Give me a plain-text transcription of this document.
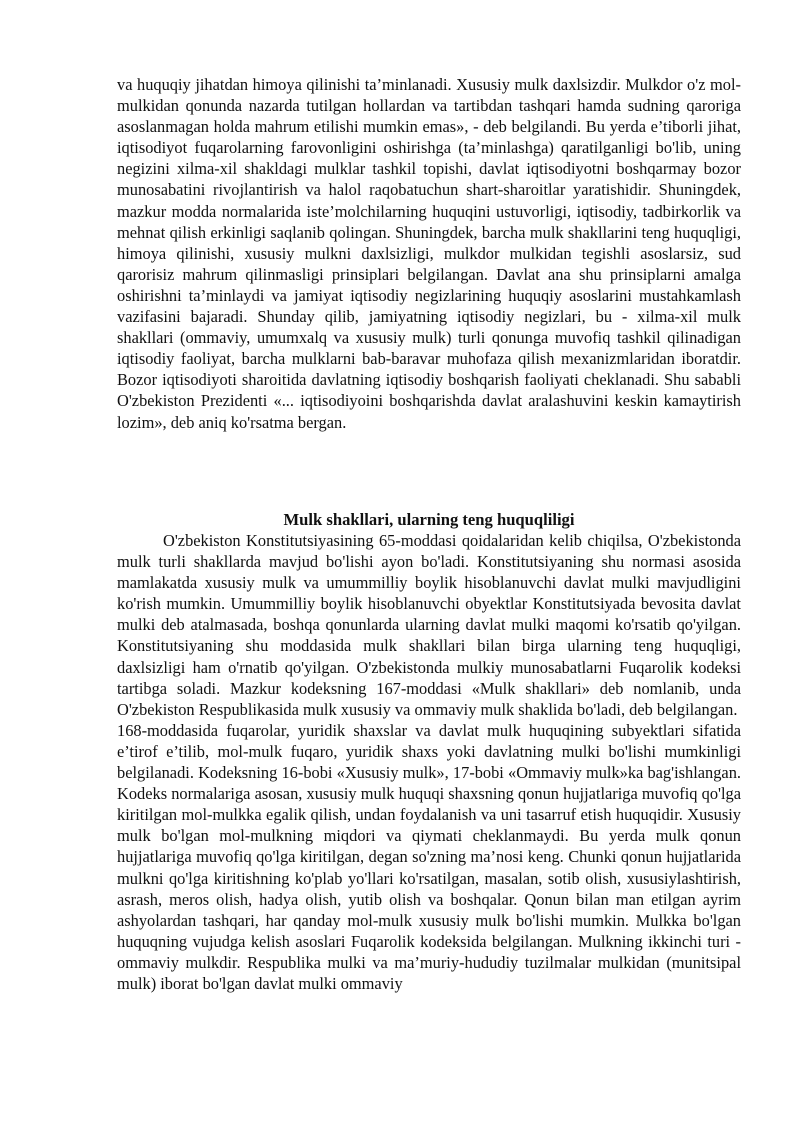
va huquqiy jihatdan himoya qilinishi ta’minlanadi. Xususiy mulk daxlsizdir. Mulkdor o'z mol-mulkidan qonunda nazarda tutilgan hollardan va tartibdan tashqari hamda sudning qaroriga asoslanmagan holda mahrum etilishi mumkin emas», - deb belgilandi. Bu yerda e’tiborli jihat, iqtisodiyot fuqarolarning farovonligini oshirishga (ta’minlashga) qaratilganligi bo'lib, uning negizini xilma-xil shakldagi mulklar tashkil topishi, davlat iqtisodiyotni boshqarmay bozor munosabatini rivojlantirish va halol raqobatuchun shart-sharoitlar yaratishidir. Shuningdek, mazkur modda normalarida iste’molchilarning huquqini ustuvorligi, iqtisodiy, tadbirkorlik va mehnat qilish erkinligi saqlanib qolingan. Shuningdek, barcha mulk shakllarini teng huquqligi, himoya qilinishi, xususiy mulkni daxlsizligi, mulkdor mulkidan tegishli asoslarsiz, sud qarorisiz mahrum qilinmasligi prinsiplari belgilangan. Davlat ana shu prinsiplarni amalga oshirishni ta’minlaydi va jamiyat iqtisodiy negizlarining huquqiy asoslarini mustahkamlash vazifasini bajaradi. Shunday qilib, jamiyatning iqtisodiy negizlari, bu - xilma-xil mulk shakllari (ommaviy, umumxalq va xususiy mulk) turli qonunga muvofiq tashkil qilinadigan iqtisodiy faoliyat, barcha mulklarni bab-baravar muhofaza qilish mexanizmlaridan iboratdir. Bozor iqtisodiyoti sharoitida davlatning iqtisodiy boshqarish faoliyati cheklanadi. Shu sababli O'zbekiston Prezidenti «... iqtisodiyoini boshqarishda davlat aralashuvini keskin kamaytirish lozim», deb aniq ko'rsatma bergan.

Mulk shakllari, ularning teng huquqliligi

O'zbekiston Konstitutsiyasining 65-moddasi qoidalaridan kelib chiqilsa, O'zbekistonda mulk turli shakllarda mavjud bo'lishi ayon bo'ladi. Konstitutsiyaning shu normasi asosida mamlakatda xususiy mulk va umummilliy boylik hisoblanuvchi davlat mulki mavjudligini ko'rish mumkin. Umummilliy boylik hisoblanuvchi obyektlar Konstitutsiyada bevosita davlat mulki deb atalmasada, boshqa qonunlarda ularning davlat mulki maqomi ko'rsatib qo'yilgan. Konstitutsiyaning shu moddasida mulk shakllari bilan birga ularning teng huquqligi, daxlsizligi ham o'rnatib qo'yilgan. O'zbekistonda mulkiy munosabatlarni Fuqarolik kodeksi tartibga soladi. Mazkur kodeksning 167-moddasi «Mulk shakllari» deb nomlanib, unda O'zbekiston Respublikasida mulk xususiy va ommaviy mulk shaklida bo'ladi, deb belgilangan.

168-moddasida fuqarolar, yuridik shaxslar va davlat mulk huquqining subyektlari sifatida e’tirof e’tilib, mol-mulk fuqaro, yuridik shaxs yoki davlatning mulki bo'lishi mumkinligi belgilanadi. Kodeksning 16-bobi «Xususiy mulk», 17-bobi «Ommaviy mulk»ka bag'ishlangan. Kodeks normalariga asosan, xususiy mulk huquqi shaxsning qonun hujjatlariga muvofiq qo'lga kiritilgan mol-mulkka egalik qilish, undan foydalanish va uni tasarruf etish huquqidir. Xususiy mulk bo'lgan mol-mulkning miqdori va qiymati cheklanmaydi. Bu yerda mulk qonun hujjatlariga muvofiq qo'lga kiritilgan, degan so'zning ma’nosi keng. Chunki qonun hujjatlarida mulkni qo'lga kiritishning ko'plab yo'llari ko'rsatilgan, masalan, sotib olish, xususiylashtirish, asrash, meros olish, hadya olish, yutib olish va boshqalar. Qonun bilan man etilgan ayrim ashyolardan tashqari, har qanday mol-mulk xususiy mulk bo'lishi mumkin. Mulkka bo'lgan huquqning vujudga kelish asoslari Fuqarolik kodeksida belgilangan. Mulkning ikkinchi turi - ommaviy mulkdir. Respublika mulki va ma’muriy-hududiy tuzilmalar mulkidan (munitsipal mulk) iborat bo'lgan davlat mulki ommaviy
